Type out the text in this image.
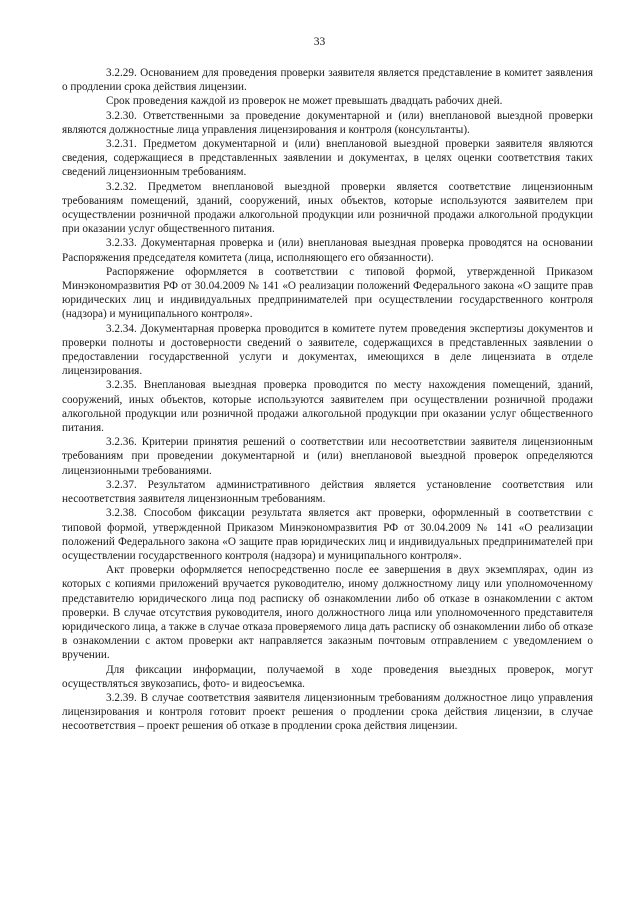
33

3.2.29. Основанием для проведения проверки заявителя является представление в комитет заявления о продлении срока действия лицензии.

Срок проведения каждой из проверок не может превышать двадцать рабочих дней.

3.2.30. Ответственными за проведение документарной и (или) внеплановой выездной проверки являются должностные лица управления лицензирования и контроля (консультанты).

3.2.31. Предметом документарной и (или) внеплановой выездной проверки заявителя являются сведения, содержащиеся в представленных заявлении и документах, в целях оценки соответствия таких сведений лицензионным требованиям.

3.2.32. Предметом внеплановой выездной проверки является соответствие лицензионным требованиям помещений, зданий, сооружений, иных объектов, которые используются заявителем при осуществлении розничной продажи алкогольной продукции или розничной продажи алкогольной продукции при оказании услуг общественного питания.

3.2.33. Документарная проверка и (или) внеплановая выездная проверка проводятся на основании Распоряжения председателя комитета (лица, исполняющего его обязанности).

Распоряжение оформляется в соответствии с типовой формой, утвержденной Приказом Минэкономразвития РФ от 30.04.2009 № 141 «О реализации положений Федерального закона «О защите прав юридических лиц и индивидуальных предпринимателей при осуществлении государственного контроля (надзора) и муниципального контроля».

3.2.34. Документарная проверка проводится в комитете путем проведения экспертизы документов и проверки полноты и достоверности сведений о заявителе, содержащихся в представленных заявлении о предоставлении государственной услуги и документах, имеющихся в деле лицензиата в отделе лицензирования.

3.2.35. Внеплановая выездная проверка проводится по месту нахождения помещений, зданий, сооружений, иных объектов, которые используются заявителем при осуществлении розничной продажи алкогольной продукции или розничной продажи алкогольной продукции при оказании услуг общественного питания.

3.2.36. Критерии принятия решений о соответствии или несоответствии заявителя лицензионным требованиям при проведении документарной и (или) внеплановой выездной проверок определяются лицензионными требованиями.

3.2.37. Результатом административного действия является установление соответствия или несоответствия заявителя лицензионным требованиям.

3.2.38. Способом фиксации результата является акт проверки, оформленный в соответствии с типовой формой, утвержденной Приказом Минэкономразвития РФ от 30.04.2009 № 141 «О реализации положений Федерального закона «О защите прав юридических лиц и индивидуальных предпринимателей при осуществлении государственного контроля (надзора) и муниципального контроля».

Акт проверки оформляется непосредственно после ее завершения в двух экземплярах, один из которых с копиями приложений вручается руководителю, иному должностному лицу или уполномоченному представителю юридического лица под расписку об ознакомлении либо об отказе в ознакомлении с актом проверки. В случае отсутствия руководителя, иного должностного лица или уполномоченного представителя юридического лица, а также в случае отказа проверяемого лица дать расписку об ознакомлении либо об отказе в ознакомлении с актом проверки акт направляется заказным почтовым отправлением с уведомлением о вручении.

Для фиксации информации, получаемой в ходе проведения выездных проверок, могут осуществляться звукозапись, фото- и видеосъемка.

3.2.39. В случае соответствия заявителя лицензионным требованиям должностное лицо управления лицензирования и контроля готовит проект решения о продлении срока действия лицензии, в случае несоответствия – проект решения об отказе в продлении срока действия лицензии.
